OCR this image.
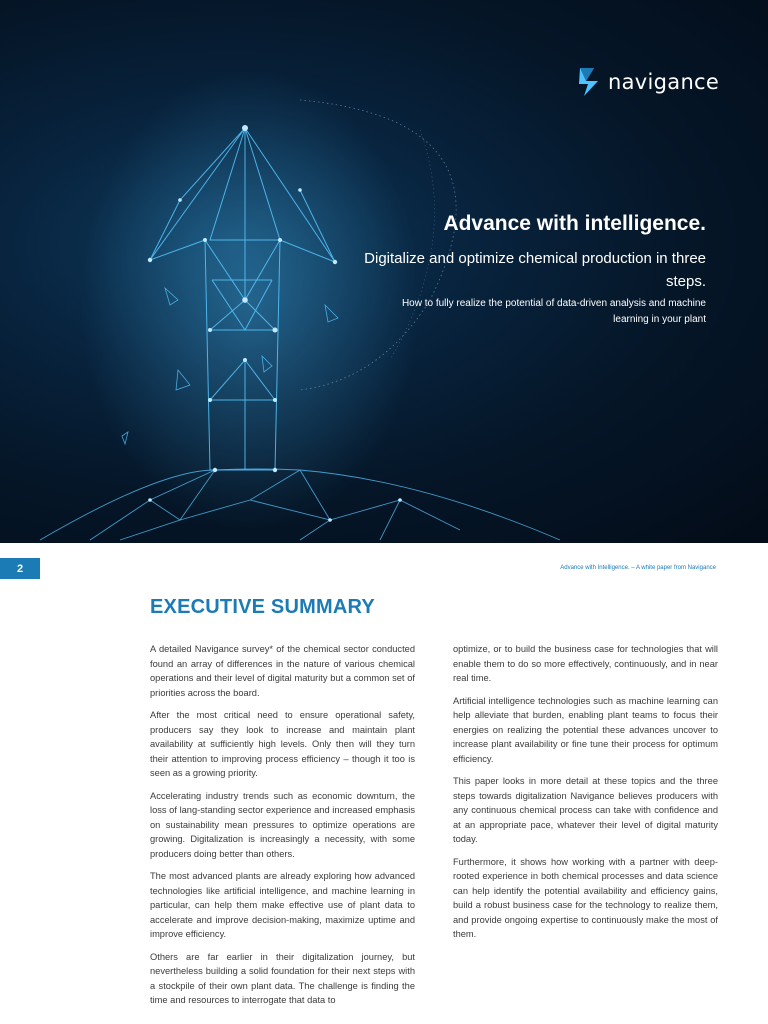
navigance
Advance with intelligence.
Digitalize and optimize chemical production in three steps.
How to fully realize the potential of data-driven analysis and machine learning in your plant
2	Advance with Intelligence. – A white paper from Navigance
EXECUTIVE SUMMARY

A detailed Navigance survey* of the chemical sector conducted found an array of differences in the nature of various chemical operations and their level of digital maturity but a common set of priorities across the board.

After the most critical need to ensure operational safety, producers say they look to increase and maintain plant availability at sufficiently high levels. Only then will they turn their attention to improving process efficiency – though it too is seen as a growing priority.

Accelerating industry trends such as economic downturn, the loss of lang-standing sector experience and increased emphasis on sustainability mean pressures to optimize operations are growing. Digitalization is increasingly a necessity, with some producers doing better than others.

The most advanced plants are already exploring how advanced technologies like artificial intelligence, and machine learning in particular, can help them make effective use of plant data to accelerate and improve decision-making, maximize uptime and improve efficiency.

Others are far earlier in their digitalization journey, but nevertheless building a solid foundation for their next steps with a stockpile of their own plant data. The challenge is finding the time and resources to interrogate that data to

optimize, or to build the business case for technologies that will enable them to do so more effectively, continuously, and in near real time.

Artificial intelligence technologies such as machine learning can help alleviate that burden, enabling plant teams to focus their energies on realizing the potential these advances uncover to increase plant availability or fine tune their process for optimum efficiency.

This paper looks in more detail at these topics and the three steps towards digitalization Navigance believes producers with any continuous chemical process can take with confidence and at an appropriate pace, whatever their level of digital maturity today.

Furthermore, it shows how working with a partner with deep-rooted experience in both chemical processes and data science can help identify the potential availability and efficiency gains, build a robust business case for the technology to realize them, and provide ongoing expertise to continuously make the most of them.
